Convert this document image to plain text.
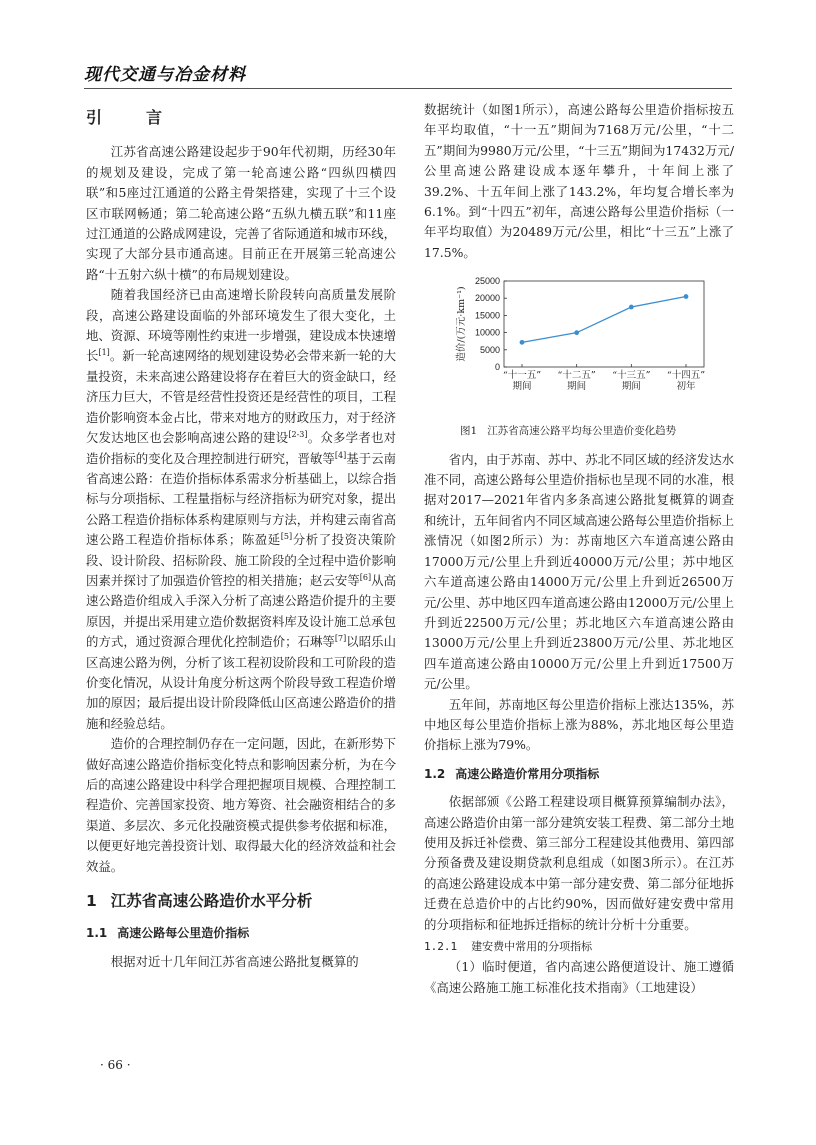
现代交通与冶金材料
引　言

江苏省高速公路建设起步于90年代初期，历经30年的规划及建设，完成了第一轮高速公路“四纵四横四联”和5座过江通道的公路主骨架搭建，实现了十三个设区市联网畅通；第二轮高速公路“五纵九横五联”和11座过江通道的公路成网建设，完善了省际通道和城市环线，实现了大部分县市通高速。目前正在开展第三轮高速公路“十五射六纵十横”的布局规划建设。

随着我国经济已由高速增长阶段转向高质量发展阶段，高速公路建设面临的外部环境发生了很大变化，土地、资源、环境等刚性约束进一步增强，建设成本快速增长[1]。新一轮高速网络的规划建设势必会带来新一轮的大量投资，未来高速公路建设将存在着巨大的资金缺口，经济压力巨大，不管是经营性投资还是经营性的项目，工程造价影响资本金占比，带来对地方的财政压力，对于经济欠发达地区也会影响高速公路的建设[2-3]。众多学者也对造价指标的变化及合理控制进行研究，晋敏等[4]基于云南省高速公路：在造价指标体系需求分析基础上，以综合指标与分项指标、工程量指标与经济指标为研究对象，提出公路工程造价指标体系构建原则与方法，并构建云南省高速公路工程造价指标体系；陈盈延[5]分析了投资决策阶段、设计阶段、招标阶段、施工阶段的全过程中造价影响因素并探讨了加强造价管控的相关措施；赵云安等[6]从高速公路造价组成入手深入分析了高速公路造价提升的主要原因，并提出采用建立造价数据资料库及设计施工总承包的方式，通过资源合理优化控制造价；石琳等[7]以昭乐山区高速公路为例，分析了该工程初设阶段和工可阶段的造价变化情况，从设计角度分析这两个阶段导致工程造价增加的原因；最后提出设计阶段降低山区高速公路造价的措施和经验总结。

造价的合理控制仍存在一定问题，因此，在新形势下做好高速公路造价指标变化特点和影响因素分析，为在今后的高速公路建设中科学合理把握项目规模、合理控制工程造价、完善国家投资、地方筹资、社会融资相结合的多渠道、多层次、多元化投融资模式提供参考依据和标准，以便更好地完善投资计划、取得最大化的经济效益和社会效益。

1 江苏省高速公路造价水平分析
1.1 高速公路每公里造价指标

根据对近十几年间江苏省高速公路批复概算的

数据统计（如图1所示），高速公路每公里造价指标按五年平均取值，“十一五”期间为7168万元/公里，“十二五”期间为9980万元/公里，“十三五”期间为17432万元/公里高速公路建设成本逐年攀升，十年间上涨了39.2%、十五年间上涨了143.2%，年均复合增长率为6.1%。到“十四五”初年，高速公路每公里造价指标（一年平均取值）为20489万元/公里，相比“十三五”上涨了17.5%。

0
5000
10000
15000
20000
25000
造价/(万元·km⁻¹)
“十一五”
期间
“十二五”
期间
“十三五”
期间
“十四五”
初年
图1 江苏省高速公路平均每公里造价变化趋势

省内，由于苏南、苏中、苏北不同区域的经济发达水准不同，高速公路每公里造价指标也呈现不同的水准，根据对2017—2021年省内多条高速公路批复概算的调查和统计，五年间省内不同区域高速公路每公里造价指标上涨情况（如图2所示）为：苏南地区六车道高速公路由17000万元/公里上升到近40000万元/公里；苏中地区六车道高速公路由14000万元/公里上升到近26500万元/公里、苏中地区四车道高速公路由12000万元/公里上升到近22500万元/公里；苏北地区六车道高速公路由13000万元/公里上升到近23800万元/公里、苏北地区四车道高速公路由10000万元/公里上升到近17500万元/公里。

五年间，苏南地区每公里造价指标上涨达135%，苏中地区每公里造价指标上涨为88%，苏北地区每公里造价指标上涨为79%。

1.2 高速公路造价常用分项指标

依据部颁《公路工程建设项目概算预算编制办法》，高速公路造价由第一部分建筑安装工程费、第二部分土地使用及拆迁补偿费、第三部分工程建设其他费用、第四部分预备费及建设期贷款利息组成（如图3所示）。在江苏的高速公路建设成本中第一部分建安费、第二部分征地拆迁费在总造价中的占比约90%，因而做好建安费中常用的分项指标和征地拆迁指标的统计分析十分重要。

1.2.1 建安费中常用的分项指标

（1）临时便道，省内高速公路便道设计、施工遵循《高速公路施工施工标准化技术指南》（工地建设）

· 66 ·
